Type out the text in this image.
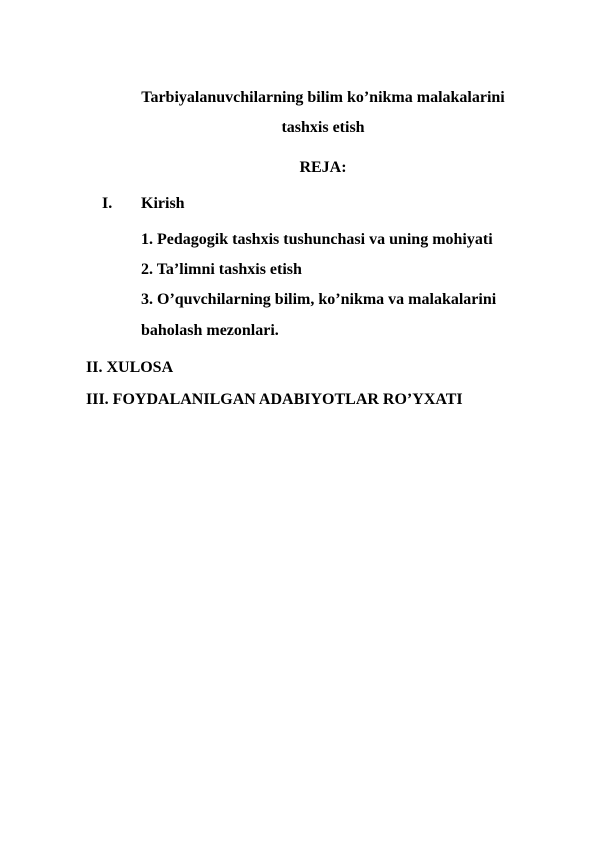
Tarbiyalanuvchilarning bilim ko’nikma malakalarini
tashxis etish
REJA:
I. Kirish
1. Pedagogik tashxis tushunchasi va uning mohiyati
2. Ta’limni tashxis etish
3. O’quvchilarning bilim, ko’nikma va malakalarini
baholash mezonlari.
II. XULOSA
III. FOYDALANILGAN ADABIYOTLAR RO’YXATI
